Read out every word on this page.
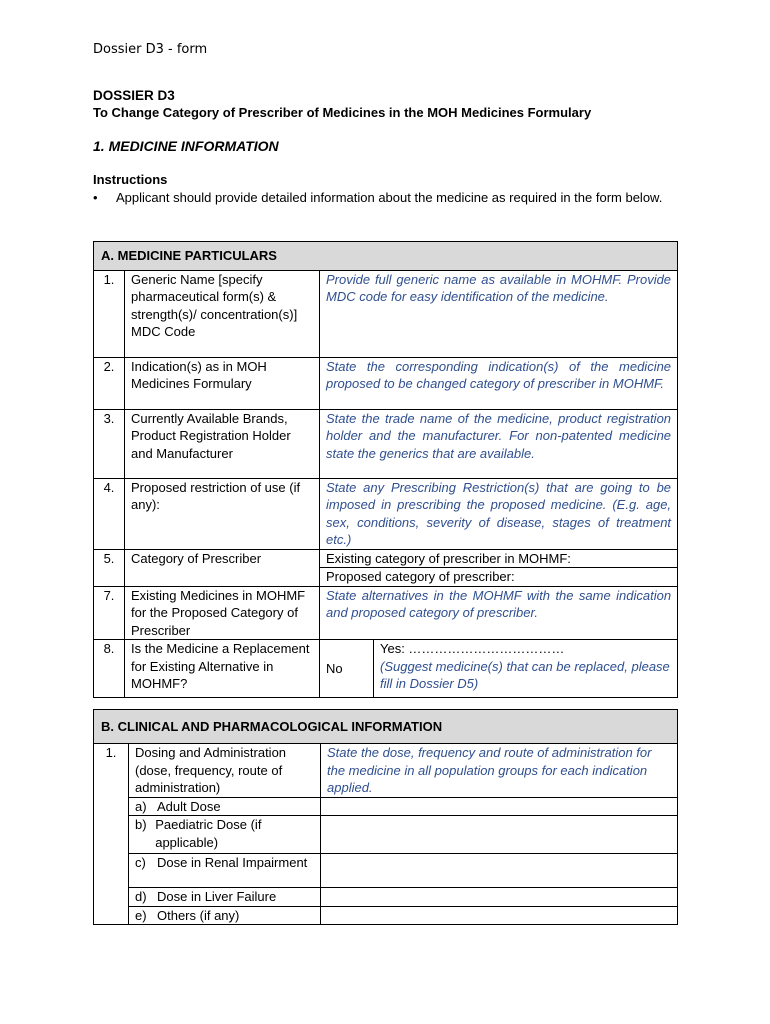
Dossier D3 - form
DOSSIER D3
To Change Category of Prescriber of Medicines in the MOH Medicines Formulary
1. MEDICINE INFORMATION
Instructions
• Applicant should provide detailed information about the medicine as required in the form below.
A. MEDICINE PARTICULARS			
1.	Generic Name [specify pharmaceutical form(s) & strength(s)/ concentration(s)] MDC Code	Provide full generic name as available in MOHMF. Provide MDC code for easy identification of the medicine.	
2.	Indication(s) as in MOH Medicines Formulary	State the corresponding indication(s) of the medicine proposed to be changed category of prescriber in MOHMF.	
3.	Currently Available Brands, Product Registration Holder and Manufacturer	State the trade name of the medicine, product registration holder and the manufacturer. For non-patented medicine state the generics that are available.	
4.	Proposed restriction of use (if any):	State any Prescribing Restriction(s) that are going to be imposed in prescribing the proposed medicine. (E.g. age, sex, conditions, severity of disease, stages of treatment etc.)	
5.	Category of Prescriber	Existing category of prescriber in MOHMF:	
		Proposed category of prescriber:	
7.	Existing Medicines in MOHMF for the Proposed Category of Prescriber	State alternatives in the MOHMF with the same indication and proposed category of prescriber.	
8.	Is the Medicine a Replacement for Existing Alternative in MOHMF?	No	Yes: ………………………………
(Suggest medicine(s) that can be replaced, please fill in Dossier D5)
B. CLINICAL AND PHARMACOLOGICAL INFORMATION		
1.	Dosing and Administration (dose, frequency, route of administration)	State the dose, frequency and route of administration for the medicine in all population groups for each indication applied.

	a) Adult Dose	

	b) Paediatric Dose (if applicable)	

	c) Dose in Renal Impairment	

	d) Dose in Liver Failure	

	e) Others (if any)	
